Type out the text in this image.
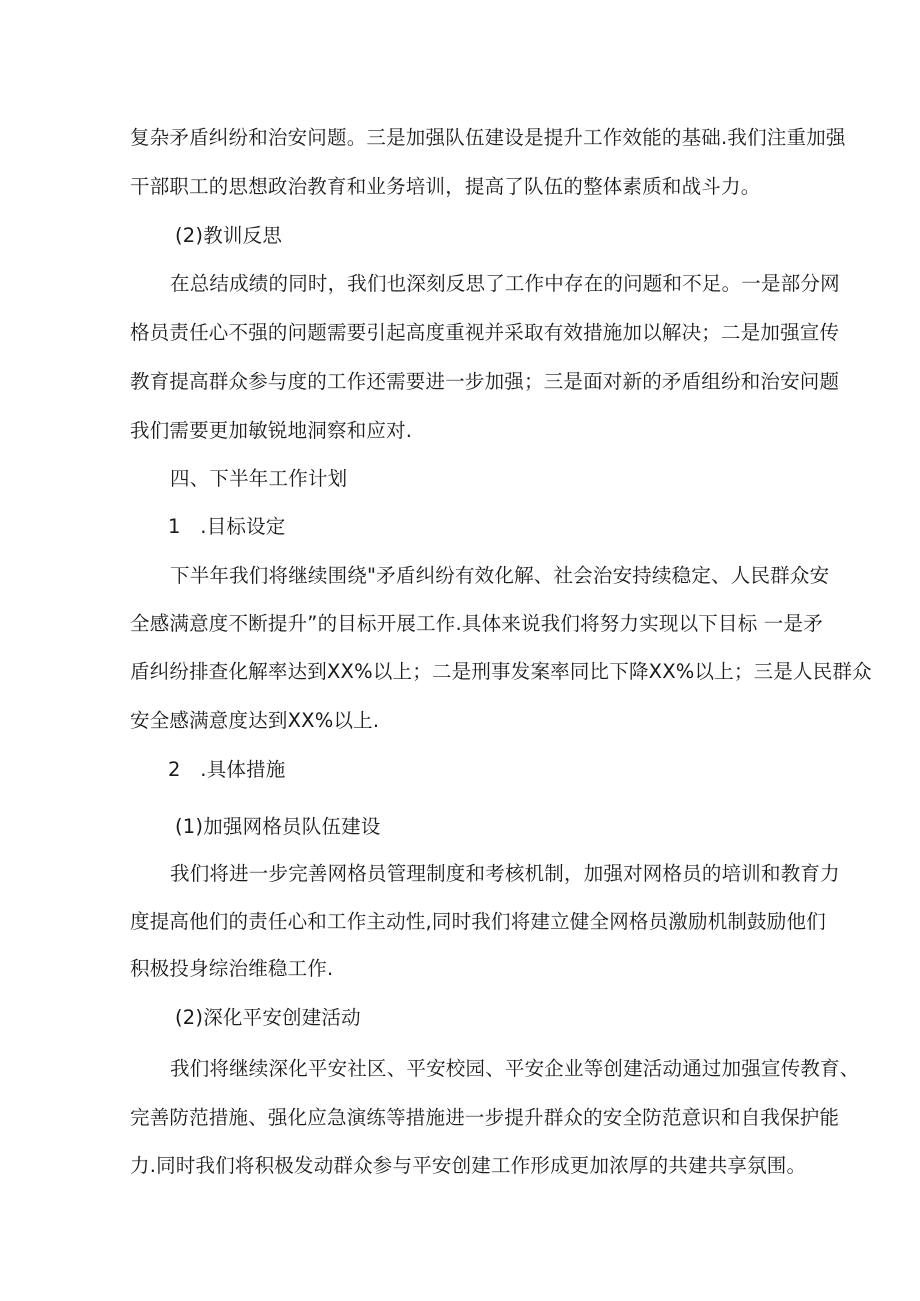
复杂矛盾纠纷和治安问题。三是加强队伍建设是提升工作效能的基础.我们注重加强
干部职工的思想政治教育和业务培训，提高了队伍的整体素质和战斗力。
(2)教训反思
在总结成绩的同时，我们也深刻反思了工作中存在的问题和不足。一是部分网
格员责任心不强的问题需要引起高度重视并采取有效措施加以解决；二是加强宣传
教育提高群众参与度的工作还需要进一步加强；三是面对新的矛盾组纷和治安问题
我们需要更加敏锐地洞察和应对.
四、下半年工作计划
1　.目标设定
下半年我们将继续围绕"矛盾纠纷有效化解、社会治安持续稳定、人民群众安
全感满意度不断提升”的目标开展工作.具体来说我们将努力实现以下目标 一是矛
盾纠纷排查化解率达到XX%以上；二是刑事发案率同比下降XX%以上；三是人民群众
安全感满意度达到XX%以上.
2　.具体措施
(1)加强网格员队伍建设
我们将进一步完善网格员管理制度和考核机制，加强对网格员的培训和教育力
度提高他们的责任心和工作主动性,同时我们将建立健全网格员激励机制鼓励他们
积极投身综治维稳工作.
(2)深化平安创建活动
我们将继续深化平安社区、平安校园、平安企业等创建活动通过加强宣传教育、
完善防范措施、强化应急演练等措施进一步提升群众的安全防范意识和自我保护能
力.同时我们将积极发动群众参与平安创建工作形成更加浓厚的共建共享氛围。
